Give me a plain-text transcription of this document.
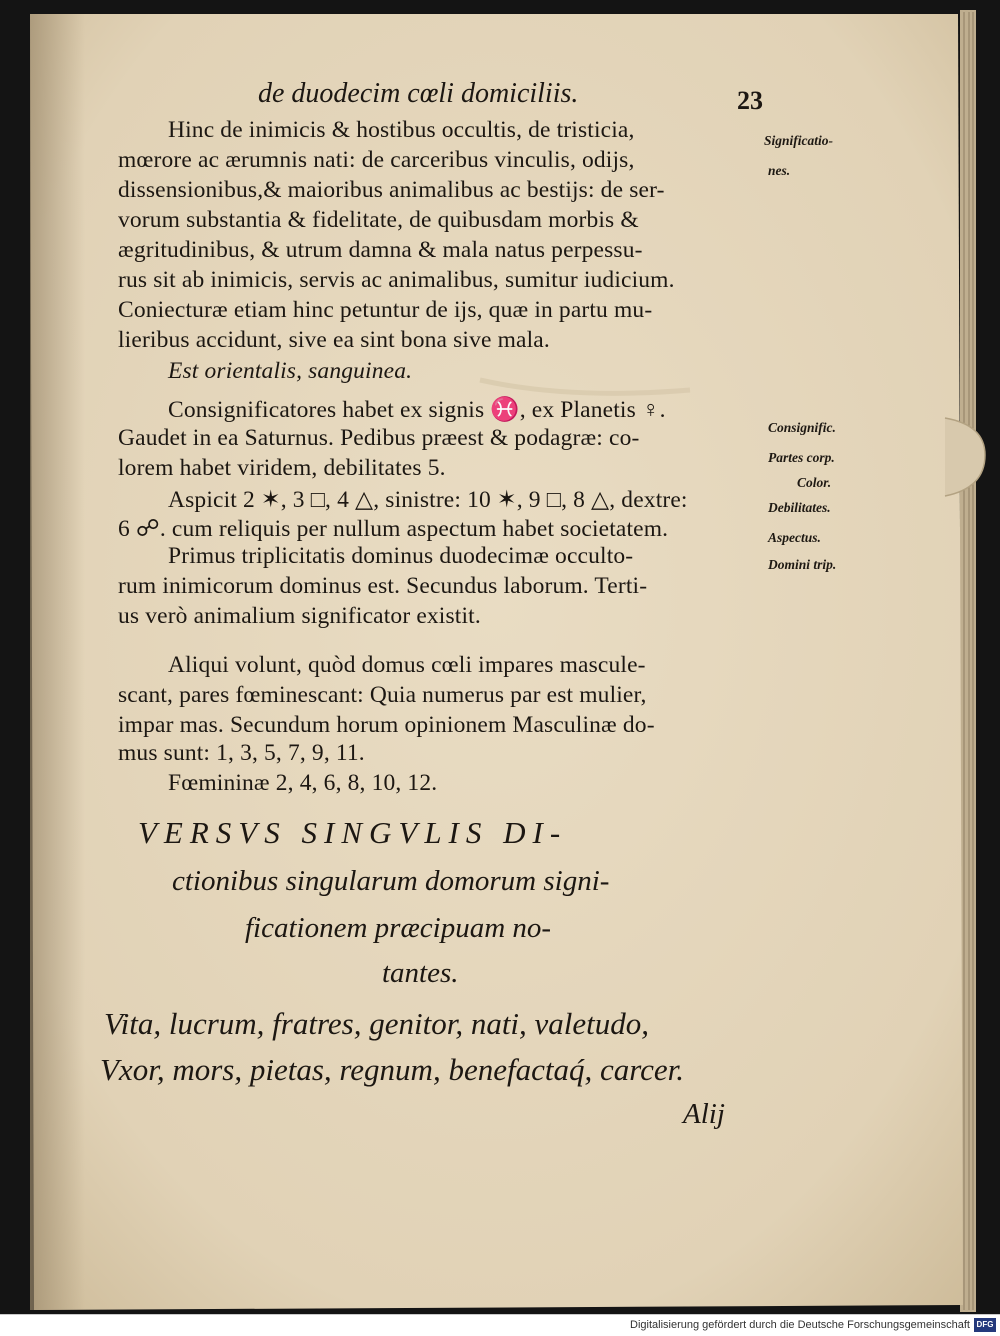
de duodecim cœli domiciliis.	23
Hinc de inimicis & hostibus occultis, de tristicia,
mœrore ac ærumnis nati: de carceribus vinculis, odijs,
dissensionibus,& maioribus animalibus ac bestijs: de ser-
vorum substantia & fidelitate, de quibusdam morbis &
ægritudinibus, & utrum damna & mala natus perpessu-
rus sit ab inimicis, servis ac animalibus, sumitur iudicium.
Coniecturæ etiam hinc petuntur de ijs, quæ in partu mu-
lieribus accidunt, sive ea sint bona sive mala.
Est orientalis, sanguinea.
Consignificatores habet ex signis ♓, ex Planetis ♀.
Gaudet in ea Saturnus. Pedibus præest & podagræ: co-
lorem habet viridem, debilitates 5.
Aspicit 2 ✶, 3 □, 4 △, sinistre: 10 ✶, 9 □, 8 △, dextre:
6 ☍. cum reliquis per nullum aspectum habet societatem.
Primus triplicitatis dominus duodecimæ occulto-
rum inimicorum dominus est. Secundus laborum. Terti-
us verò animalium significator existit.
Aliqui volunt, quòd domus cœli impares mascule-
scant, pares fœminescant: Quia numerus par est mulier,
impar mas. Secundum horum opinionem Masculinæ do-
mus sunt: 1, 3, 5, 7, 9, 11.
Fœmininæ 2, 4, 6, 8, 10, 12.
Significatio-
nes.
Consignific.
Partes corp.
Color.
Debilitates.
Aspectus.
Domini trip.
VERSVS SINGVLIS DI-
ctionibus singularum domorum signi-
ficationem præcipuam no-
tantes.
Vita, lucrum, fratres, genitor, nati, valetudo,
Vxor, mors, pietas, regnum, benefactaq́, carcer.
Alij
Digitalisierung gefördert durch die Deutsche Forschungsgemeinschaft DFG
